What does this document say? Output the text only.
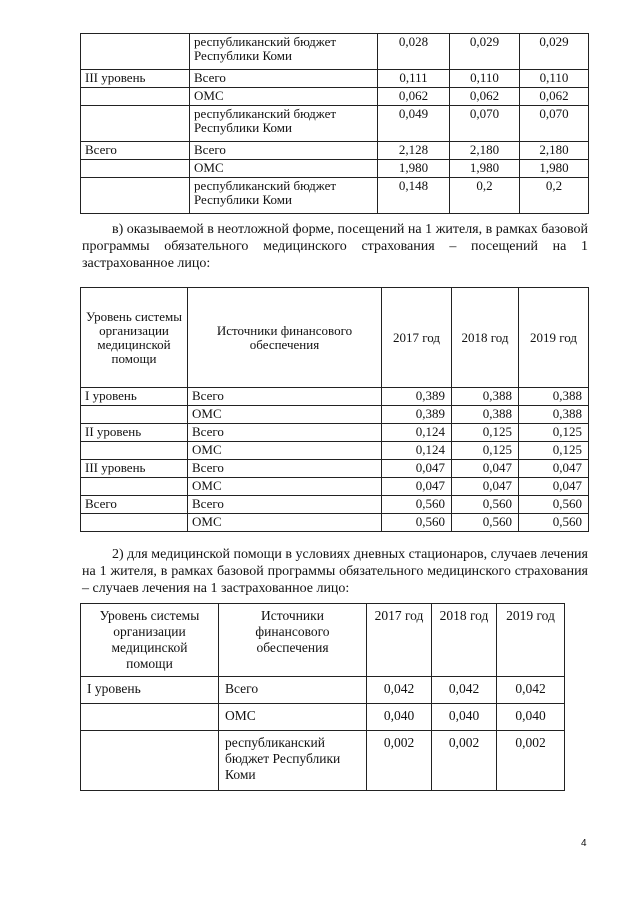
	республиканский бюджет Республики Коми	0,028	0,029	0,029
III уровень	Всего	0,111	0,110	0,110
	ОМС	0,062	0,062	0,062
	республиканский бюджет Республики Коми	0,049	0,070	0,070
Всего	Всего	2,128	2,180	2,180
	ОМС	1,980	1,980	1,980
	республиканский бюджет Республики Коми	0,148	0,2	0,2

в) оказываемой в неотложной форме, посещений на 1 жителя, в рамках базовой программы обязательного медицинского страхования – посещений на 1 застрахованное лицо:

Уровень системы организации медицинской помощи	Источники финансового обеспечения	2017 год	2018 год	2019 год
I уровень	Всего	0,389	0,388	0,388
	ОМС	0,389	0,388	0,388
II уровень	Всего	0,124	0,125	0,125
	ОМС	0,124	0,125	0,125
III уровень	Всего	0,047	0,047	0,047
	ОМС	0,047	0,047	0,047
Всего	Всего	0,560	0,560	0,560
	ОМС	0,560	0,560	0,560

2) для медицинской помощи в условиях дневных стационаров, случаев лечения на 1 жителя, в рамках базовой программы обязательного медицинского страхования – случаев лечения на 1 застрахованное лицо:

Уровень системы организации медицинской помощи	Источники финансового обеспечения	2017 год	2018 год	2019 год
I уровень	Всего	0,042	0,042	0,042
	ОМС	0,040	0,040	0,040
	республиканский бюджет Республики Коми	0,002	0,002	0,002
4
